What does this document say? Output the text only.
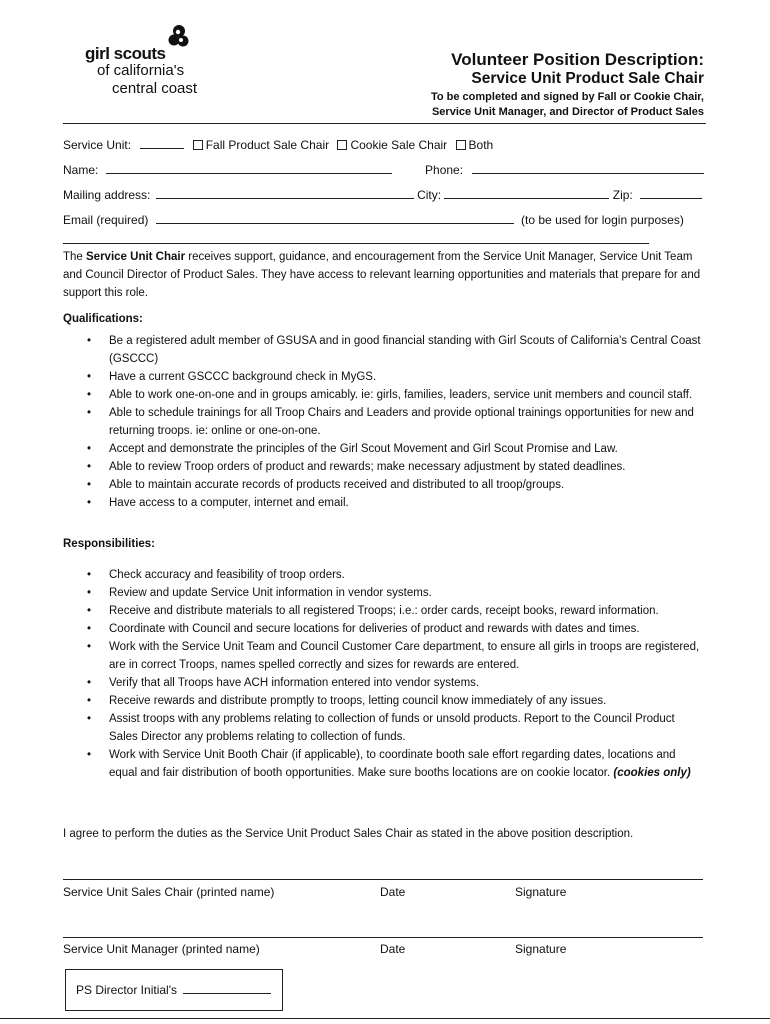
girl scouts
of california's
central coast
Volunteer Position Description:
Service Unit Product Sale Chair
To be completed and signed by Fall or Cookie Chair,
Service Unit Manager, and Director of Product Sales
Service Unit:	Fall Product Sale Chair Cookie Sale Chair Both
Name:	Phone:
Mailing address:	City:	Zip:
Email (required)	(to be used for login purposes)
The Service Unit Chair receives support, guidance, and encouragement from the Service Unit Manager, Service Unit Team and Council Director of Product Sales. They have access to relevant learning opportunities and materials that prepare for and support this role.
Qualifications:
• Be a registered adult member of GSUSA and in good financial standing with Girl Scouts of California's Central Coast (GSCCC)
• Have a current GSCCC background check in MyGS.
• Able to work one-on-one and in groups amicably. ie: girls, families, leaders, service unit members and council staff.
• Able to schedule trainings for all Troop Chairs and Leaders and provide optional trainings opportunities for new and returning troops. ie: online or one-on-one.
• Accept and demonstrate the principles of the Girl Scout Movement and Girl Scout Promise and Law.
• Able to review Troop orders of product and rewards; make necessary adjustment by stated deadlines.
• Able to maintain accurate records of products received and distributed to all troop/groups.
• Have access to a computer, internet and email.
Responsibilities:
• Check accuracy and feasibility of troop orders.
• Review and update Service Unit information in vendor systems.
• Receive and distribute materials to all registered Troops; i.e.: order cards, receipt books, reward information.
• Coordinate with Council and secure locations for deliveries of product and rewards with dates and times.
• Work with the Service Unit Team and Council Customer Care department, to ensure all girls in troops are registered, are in correct Troops, names spelled correctly and sizes for rewards are entered.
• Verify that all Troops have ACH information entered into vendor systems.
• Receive rewards and distribute promptly to troops, letting council know immediately of any issues.
• Assist troops with any problems relating to collection of funds or unsold products. Report to the Council Product Sales Director any problems relating to collection of funds.
• Work with Service Unit Booth Chair (if applicable), to coordinate booth sale effort regarding dates, locations and equal and fair distribution of booth opportunities. Make sure booths locations are on cookie locator. (cookies only)
I agree to perform the duties as the Service Unit Product Sales Chair as stated in the above position description.
Service Unit Sales Chair (printed name)	Date	Signature
Service Unit Manager (printed name)	Date	Signature
PS Director Initial's
